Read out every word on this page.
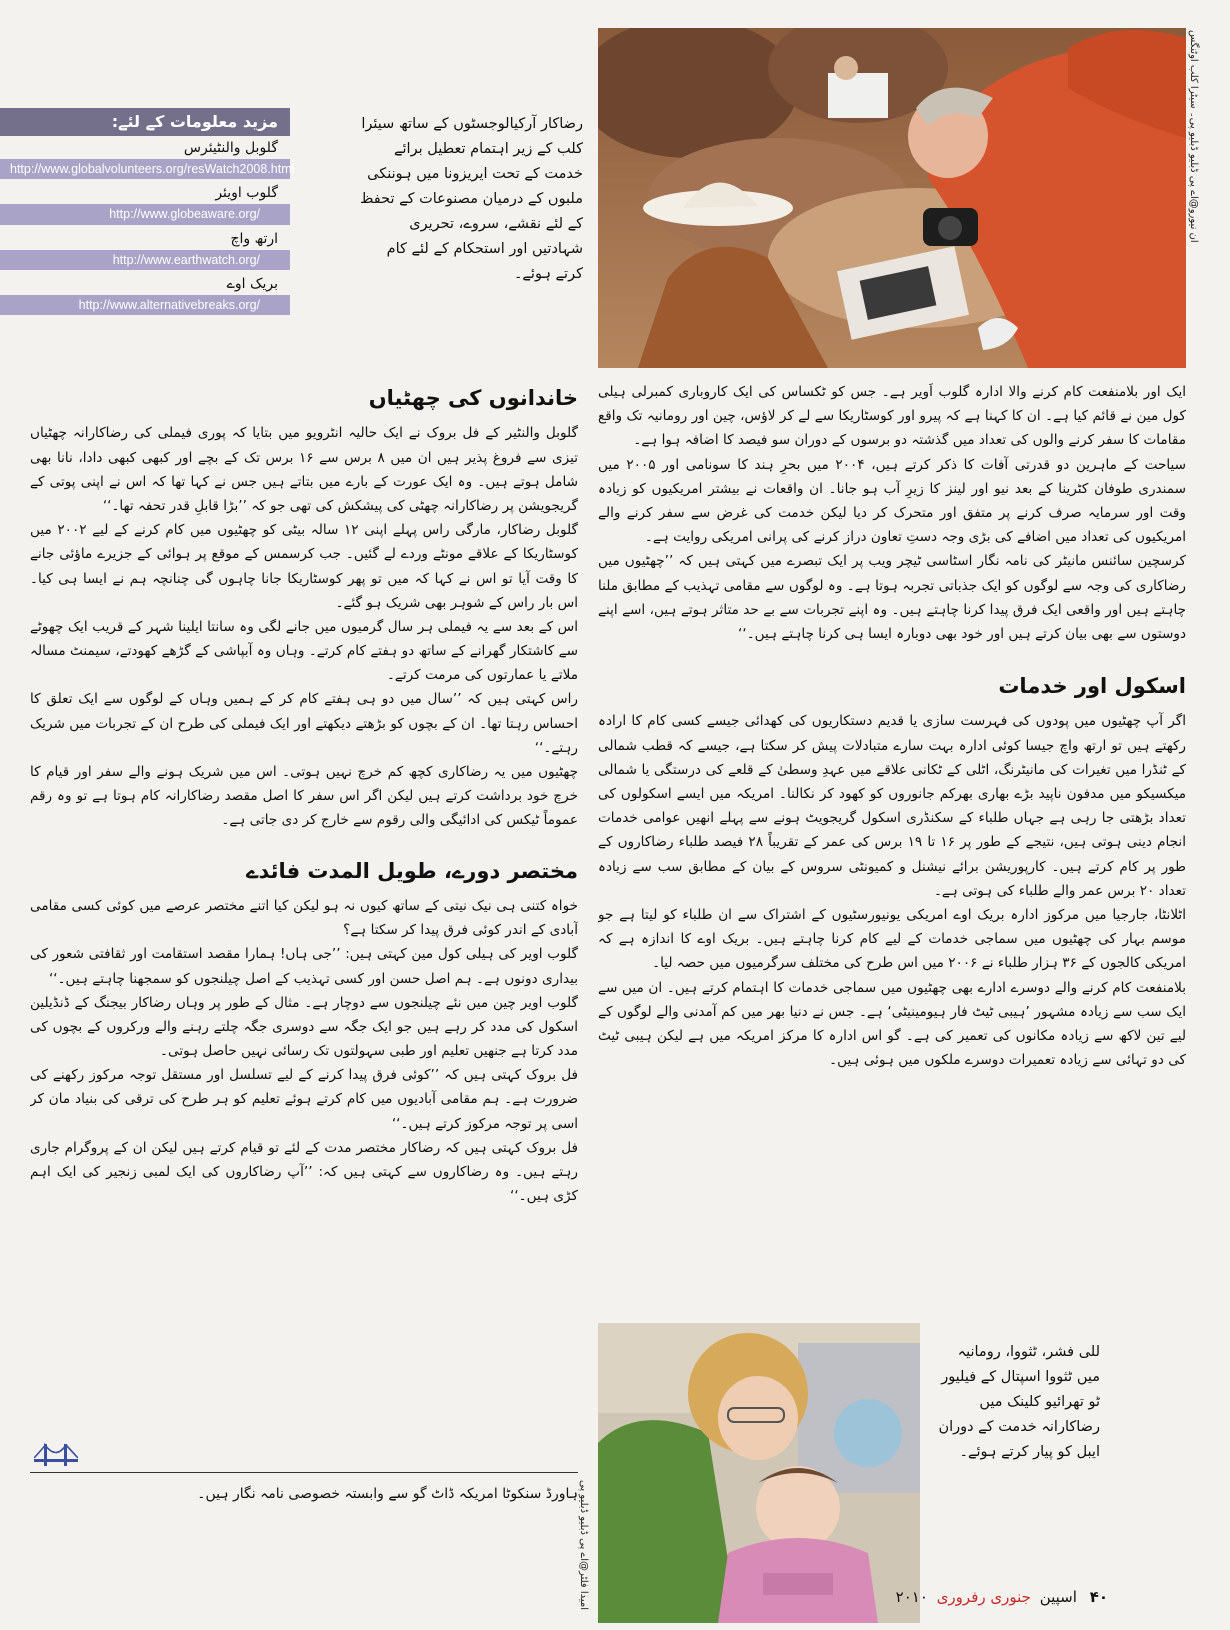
ان نیورو@اے پی ڈبلیو ڈبلیو پی۔ سیٹرا کلب اوٹنگس
رضاکار آرکیالوجسٹوں کے ساتھ سیئرا کلب کے زیر اہتمام تعطیل برائے خدمت کے تحت ایریزونا میں ہوننکی ملبوں کے درمیان مصنوعات کے تحفظ کے لئے نقشے، سروے، تحریری شہادتیں اور استحکام کے لئے کام کرتے ہوئے۔
مزید معلومات کے لئے:
گلوبل والنٹیئرس
http://www.globalvolunteers.org/resWatch2008.html
گلوب اویئر
http://www.globeaware.org/
ارتھ واچ
http://www.earthwatch.org/
بریک اوے
http://www.alternativebreaks.org/

ایک اور بلامنفعت کام کرنے والا ادارہ گلوب اَویر ہے۔ جس کو ٹکساس کی ایک کاروباری کمبرلی ہیلی کول مین نے قائم کیا ہے۔ ان کا کہنا ہے کہ پیرو اور کوسٹاریکا سے لے کر لاؤس، چین اور رومانیہ تک واقع مقامات کا سفر کرنے والوں کی تعداد میں گذشتہ دو برسوں کے دوران سو فیصد کا اضافہ ہوا ہے۔

سیاحت کے ماہرین دو قدرتی آفات کا ذکر کرتے ہیں، ۲۰۰۴ میں بحرِ ہند کا سونامی اور ۲۰۰۵ میں سمندری طوفان کٹرینا کے بعد نیو اور لینز کا زیرِ آب ہو جانا۔ ان واقعات نے بیشتر امریکیوں کو زیادہ وقت اور سرمایہ صرف کرنے پر متفق اور متحرک کر دیا لیکن خدمت کی غرض سے سفر کرنے والے امریکیوں کی تعداد میں اضافے کی بڑی وجہ دستِ تعاون دراز کرنے کی پرانی امریکی روایت ہے۔

کرسچین سائنس مانیٹر کی نامہ نگار اسٹاسی ٹیچر ویب پر ایک تبصرے میں کہتی ہیں کہ ’’چھٹیوں میں رضاکاری کی وجہ سے لوگوں کو ایک جذباتی تجربہ ہوتا ہے۔ وہ لوگوں سے مقامی تہذیب کے مطابق ملنا چاہتے ہیں اور واقعی ایک فرق پیدا کرنا چاہتے ہیں۔ وہ اپنے تجربات سے بے حد متاثر ہوتے ہیں، اسے اپنے دوستوں سے بھی بیان کرتے ہیں اور خود بھی دوبارہ ایسا ہی کرنا چاہتے ہیں۔‘‘

اسکول اور خدمات

اگر آپ چھٹیوں میں پودوں کی فہرست سازی یا قدیم دستکاریوں کی کھدائی جیسے کسی کام کا ارادہ رکھتے ہیں تو ارتھ واچ جیسا کوئی ادارہ بہت سارے متبادلات پیش کر سکتا ہے، جیسے کہ قطب شمالی کے ٹنڈرا میں تغیرات کی مانیٹرنگ، اٹلی کے ٹکانی علاقے میں عہدِ وسطیٰ کے قلعے کی درستگی یا شمالی میکسیکو میں مدفون ناپید بڑے بھاری بھرکم جانوروں کو کھود کر نکالنا۔ امریکہ میں ایسے اسکولوں کی تعداد بڑھتی جا رہی ہے جہاں طلباء کے سکنڈری اسکول گریجویٹ ہونے سے پہلے انھیں عوامی خدمات انجام دینی ہوتی ہیں، نتیجے کے طور پر ۱۶ تا ۱۹ برس کی عمر کے تقریباً ۲۸ فیصد طلباء رضاکاروں کے طور پر کام کرتے ہیں۔ کارپوریشن برائے نیشنل و کمیونٹی سروس کے بیان کے مطابق سب سے زیادہ تعداد ۲۰ برس عمر والے طلباء کی ہوتی ہے۔

اٹلانٹا، جارجیا میں مرکوز ادارہ بریک اوے امریکی یونیورسٹیوں کے اشتراک سے ان طلباء کو لیتا ہے جو موسم بہار کی چھٹیوں میں سماجی خدمات کے لیے کام کرنا چاہتے ہیں۔ بریک اوے کا اندازہ ہے کہ امریکی کالجوں کے ۳۶ ہزار طلباء نے ۲۰۰۶ میں اس طرح کی مختلف سرگرمیوں میں حصہ لیا۔

بلامنفعت کام کرنے والے دوسرے ادارے بھی چھٹیوں میں سماجی خدمات کا اہتمام کرتے ہیں۔ ان میں سے ایک سب سے زیادہ مشہور ’ہیبی ٹیٹ فار ہیومینیٹی‘ ہے۔ جس نے دنیا بھر میں کم آمدنی والے لوگوں کے لیے تین لاکھ سے زیادہ مکانوں کی تعمیر کی ہے۔ گو اس ادارہ کا مرکز امریکہ میں ہے لیکن ہیبی ٹیٹ کی دو تہائی سے زیادہ تعمیرات دوسرے ملکوں میں ہوئی ہیں۔

خاندانوں کی چھٹیاں

گلوبل والنٹیر کے فل بروک نے ایک حالیہ انٹرویو میں بتایا کہ پوری فیملی کی رضاکارانہ چھٹیاں تیزی سے فروغ پذیر ہیں ان میں ۸ برس سے ۱۶ برس تک کے بچے اور کبھی کبھی دادا، نانا بھی شامل ہوتے ہیں۔ وہ ایک عورت کے بارے میں بتاتے ہیں جس نے کہا تھا کہ اس نے اپنی پوتی کے گریجویشن پر رضاکارانہ چھٹی کی پیشکش کی تھی جو کہ ’’بڑا قابلِ قدر تحفہ تھا۔‘‘

گلوبل رضاکار، مارگی راس پہلے اپنی ۱۲ سالہ بیٹی کو چھٹیوں میں کام کرنے کے لیے ۲۰۰۲ میں کوسٹاریکا کے علاقے مونٹے وردے لے گئیں۔ جب کرسمس کے موقع پر ہوائی کے جزیرے ماؤئی جانے کا وقت آیا تو اس نے کہا کہ میں تو پھر کوسٹاریکا جانا چاہوں گی چنانچہ ہم نے ایسا ہی کیا۔ اس بار راس کے شوہر بھی شریک ہو گئے۔

اس کے بعد سے یہ فیملی ہر سال گرمیوں میں جانے لگی وہ سانتا ایلینا شہر کے قریب ایک چھوٹے سے کاشتکار گھرانے کے ساتھ دو ہفتے کام کرتے۔ وہاں وہ آبپاشی کے گڑھے کھودتے، سیمنٹ مسالہ ملاتے یا عمارتوں کی مرمت کرتے۔

راس کہتی ہیں کہ ’’سال میں دو ہی ہفتے کام کر کے ہمیں وہاں کے لوگوں سے ایک تعلق کا احساس رہتا تھا۔ ان کے بچوں کو بڑھتے دیکھتے اور ایک فیملی کی طرح ان کے تجربات میں شریک رہتے۔‘‘

چھٹیوں میں یہ رضاکاری کچھ کم خرچ نہیں ہوتی۔ اس میں شریک ہونے والے سفر اور قیام کا خرچ خود برداشت کرتے ہیں لیکن اگر اس سفر کا اصل مقصد رضاکارانہ کام ہوتا ہے تو وہ رقم عموماً ٹیکس کی ادائیگی والی رقوم سے خارج کر دی جاتی ہے۔

مختصر دورے، طویل المدت فائدے

خواہ کتنی ہی نیک نیتی کے ساتھ کیوں نہ ہو لیکن کیا اتنے مختصر عرصے میں کوئی کسی مقامی آبادی کے اندر کوئی فرق پیدا کر سکتا ہے؟

گلوب اویر کی ہیلی کول مین کہتی ہیں: ’’جی ہاں! ہمارا مقصد استقامت اور ثقافتی شعور کی بیداری دونوں ہے۔ ہم اصل حسن اور کسی تہذیب کے اصل چیلنجوں کو سمجھنا چاہتے ہیں۔‘‘

گلوب اویر چین میں نئے چیلنجوں سے دوچار ہے۔ مثال کے طور پر وہاں رضاکار بیجنگ کے ڈنڈیلین اسکول کی مدد کر رہے ہیں جو ایک جگہ سے دوسری جگہ چلتے رہنے والے ورکروں کے بچوں کی مدد کرتا ہے جنھیں تعلیم اور طبی سہولتوں تک رسائی نہیں حاصل ہوتی۔

فل بروک کہتی ہیں کہ ’’کوئی فرق پیدا کرنے کے لیے تسلسل اور مستقل توجہ مرکوز رکھنے کی ضرورت ہے۔ ہم مقامی آبادیوں میں کام کرتے ہوئے تعلیم کو ہر طرح کی ترقی کی بنیاد مان کر اسی پر توجہ مرکوز کرتے ہیں۔‘‘

فل بروک کہتی ہیں کہ رضاکار مختصر مدت کے لئے تو قیام کرتے ہیں لیکن ان کے پروگرام جاری رہتے ہیں۔ وہ رضاکاروں سے کہتی ہیں کہ: ’’آپ رضاکاروں کی ایک لمبی زنجیر کی ایک اہم کڑی ہیں۔‘‘

ہاورڈ سنکوٹا امریکہ ڈاٹ گو سے وابستہ خصوصی نامہ نگار ہیں۔ امیدا فلٹر@اے پی ڈبلیو ڈبلیو پی
للی فشر، ٹثووا، رومانیہ میں ٹثووا اسپتال کے فیلیور ٹو تھرائیو کلینک میں رضاکارانہ خدمت کے دوران ایبل کو پیار کرتے ہوئے۔
۴۰ اسپین جنوری رفروری ۲۰۱۰
